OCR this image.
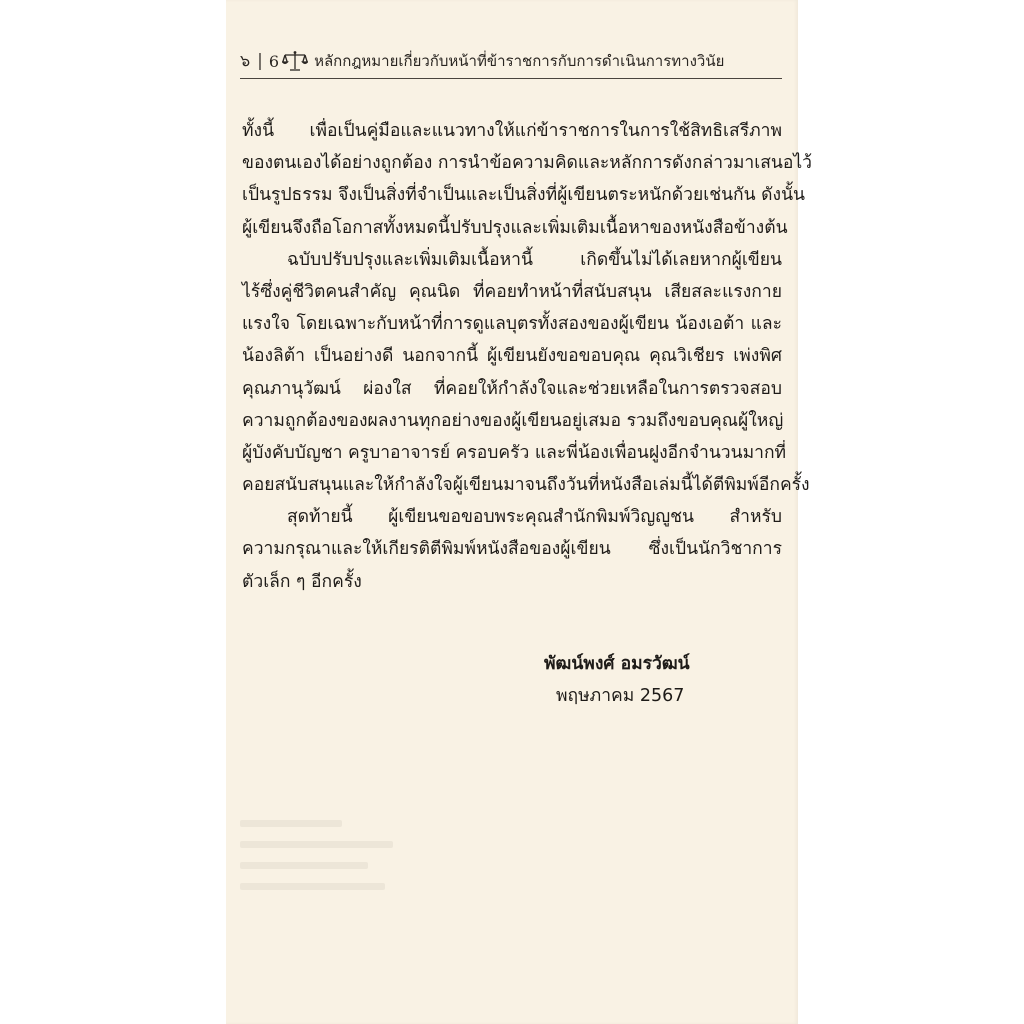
๖ | 6 หลักกฎหมายเกี่ยวกับหน้าที่ข้าราชการกับการดำเนินการทางวินัย
ทั้งนี้ เพื่อเป็นคู่มือและแนวทางให้แก่ข้าราชการในการใช้สิทธิเสรีภาพ
ของตนเองได้อย่างถูกต้อง การนำข้อความคิดและหลักการดังกล่าวมาเสนอไว้
เป็นรูปธรรม จึงเป็นสิ่งที่จำเป็นและเป็นสิ่งที่ผู้เขียนตระหนักด้วยเช่นกัน ดังนั้น
ผู้เขียนจึงถือโอกาสทั้งหมดนี้ปรับปรุงและเพิ่มเติมเนื้อหาของหนังสือข้างต้น
ฉบับปรับปรุงและเพิ่มเติมเนื้อหานี้ เกิดขึ้นไม่ได้เลยหากผู้เขียน
ไร้ซึ่งคู่ชีวิตคนสำคัญ คุณนิด ที่คอยทำหน้าที่สนับสนุน เสียสละแรงกาย
แรงใจ โดยเฉพาะกับหน้าที่การดูแลบุตรทั้งสองของผู้เขียน น้องเอต้า และ
น้องลิต้า เป็นอย่างดี นอกจากนี้ ผู้เขียนยังขอขอบคุณ คุณวิเชียร เพ่งพิศ
คุณภานุวัฒน์ ผ่องใส ที่คอยให้กำลังใจและช่วยเหลือในการตรวจสอบ
ความถูกต้องของผลงานทุกอย่างของผู้เขียนอยู่เสมอ รวมถึงขอบคุณผู้ใหญ่
ผู้บังคับบัญชา ครูบาอาจารย์ ครอบครัว และพี่น้องเพื่อนฝูงอีกจำนวนมากที่
คอยสนับสนุนและให้กำลังใจผู้เขียนมาจนถึงวันที่หนังสือเล่มนี้ได้ตีพิมพ์อีกครั้ง
สุดท้ายนี้ ผู้เขียนขอขอบพระคุณสำนักพิมพ์วิญญูชน สำหรับ
ความกรุณาและให้เกียรติตีพิมพ์หนังสือของผู้เขียน ซึ่งเป็นนักวิชาการ
ตัวเล็ก ๆ อีกครั้ง
พัฒน์พงศ์ อมรวัฒน์
พฤษภาคม 2567
